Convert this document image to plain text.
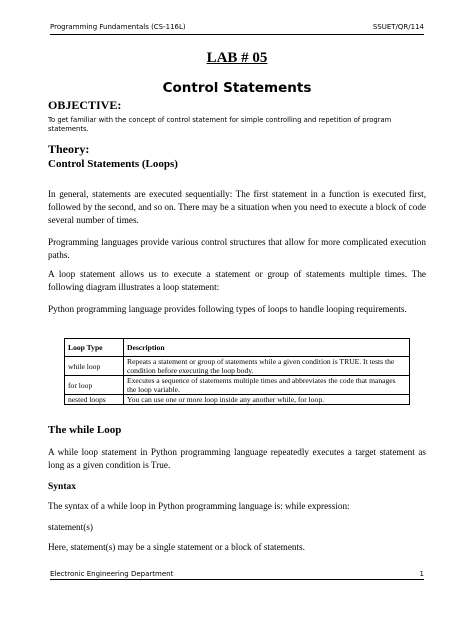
Programming Fundamentals (CS-116L)	SSUET/QR/114
LAB # 05
Control Statements
OBJECTIVE:
To get familiar with the concept of control statement for simple controlling and repetition of program statements.
Theory:
Control Statements (Loops)
In general, statements are executed sequentially: The first statement in a function is executed first, followed by the second, and so on. There may be a situation when you need to execute a block of code several number of times.
Programming languages provide various control structures that allow for more complicated execution paths.
A loop statement allows us to execute a statement or group of statements multiple times. The following diagram illustrates a loop statement:
Python programming language provides following types of loops to handle looping requirements.
Loop Type	Description
while loop	Repeats a statement or group of statements while a given condition is TRUE. It tests the condition before executing the loop body.
for loop	Executes a sequence of statements multiple times and abbreviates the code that manages the loop variable.
nested loops	You can use one or more loop inside any another while, for loop.
The while Loop
A while loop statement in Python programming language repeatedly executes a target statement as long as a given condition is True.
Syntax
The syntax of a while loop in Python programming language is: while expression:
statement(s)
Here, statement(s) may be a single statement or a block of statements.
Electronic Engineering Department	1
